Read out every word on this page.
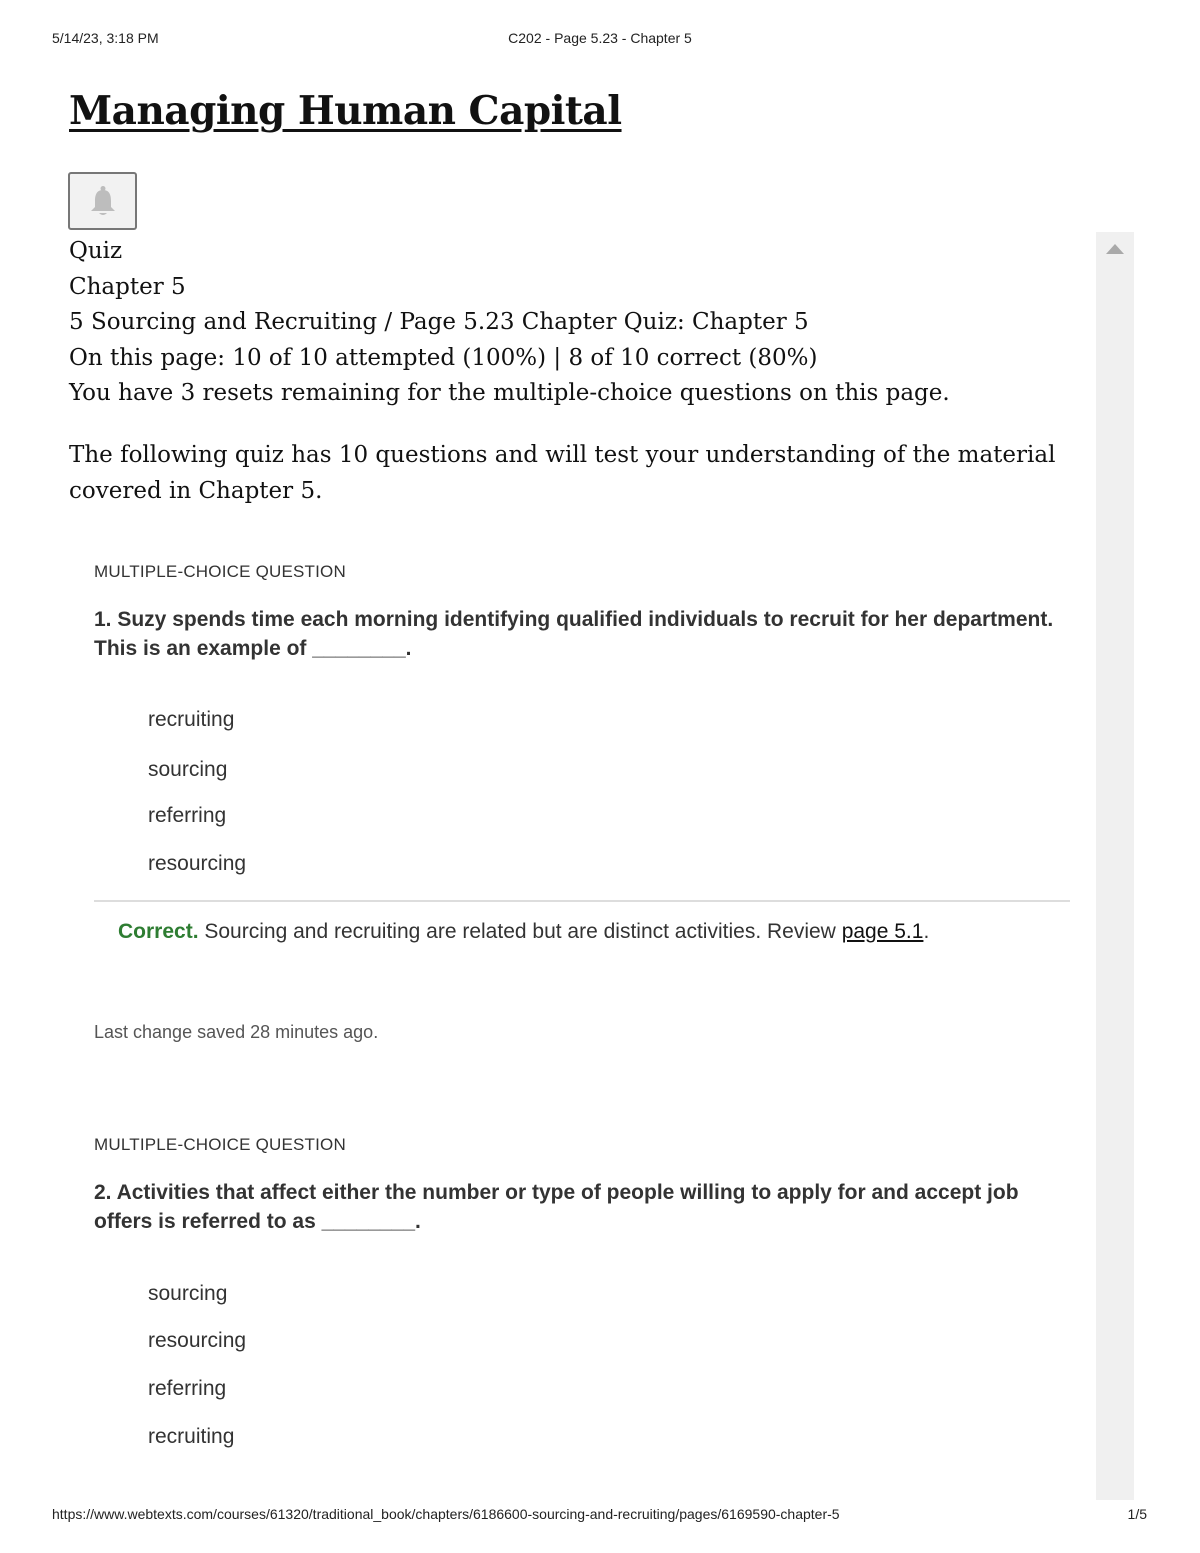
5/14/23, 3:18 PM	C202 - Page 5.23 - Chapter 5
Managing Human Capital
Quiz
Chapter 5
5 Sourcing and Recruiting / Page 5.23 Chapter Quiz: Chapter 5
On this page: 10 of 10 attempted (100%) | 8 of 10 correct (80%)
You have 3 resets remaining for the multiple-choice questions on this page.

The following quiz has 10 questions and will test your understanding of the material covered in Chapter 5.

MULTIPLE-CHOICE QUESTION
1. Suzy spends time each morning identifying qualified individuals to recruit for her department. This is an example of ________.
recruiting
sourcing
referring
resourcing
Correct. Sourcing and recruiting are related but are distinct activities. Review page 5.1.
Last change saved 28 minutes ago.
MULTIPLE-CHOICE QUESTION
2. Activities that affect either the number or type of people willing to apply for and accept job offers is referred to as ________.
sourcing
resourcing
referring
recruiting
https://www.webtexts.com/courses/61320/traditional_book/chapters/6186600-sourcing-and-recruiting/pages/6169590-chapter-5	1/5
